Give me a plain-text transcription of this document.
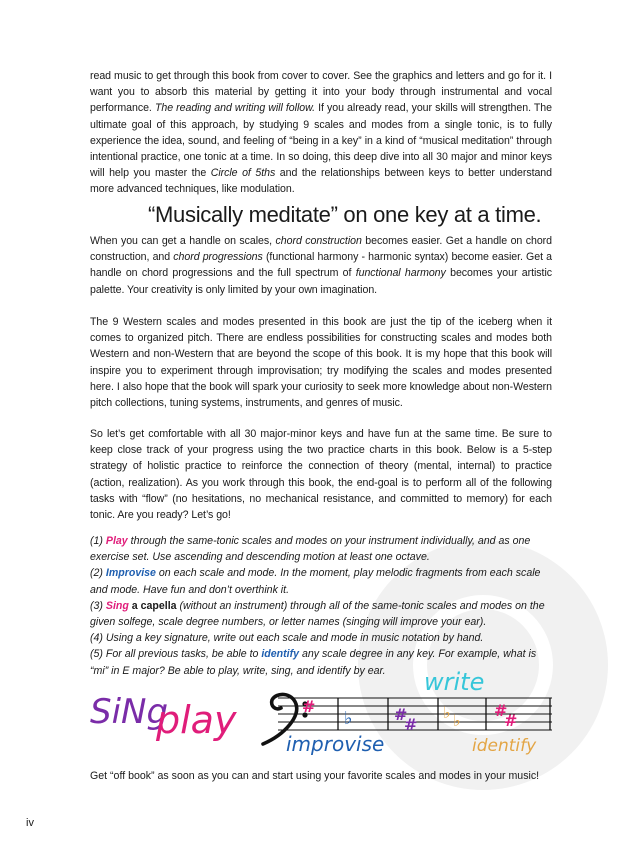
read music to get through this book from cover to cover. See the graphics and letters and go for it. I want you to absorb this material by getting it into your body through instrumental and vocal performance. The reading and writing will follow. If you already read, your skills will strengthen. The ultimate goal of this approach, by studying 9 scales and modes from a single tonic, is to fully experience the idea, sound, and feeling of “being in a key” in a kind of “musical meditation” through intentional practice, one tonic at a time. In so doing, this deep dive into all 30 major and minor keys will help you master the Circle of 5ths and the relationships between keys to better understand more advanced techniques, like modulation.

“Musically meditate” on one key at a time.

When you can get a handle on scales, chord construction becomes easier. Get a handle on chord construction, and chord progressions (functional harmony - harmonic syntax) become easier. Get a handle on chord progressions and the full spectrum of functional harmony becomes your artistic palette. Your creativity is only limited by your own imagination.

The 9 Western scales and modes presented in this book are just the tip of the iceberg when it comes to organized pitch. There are endless possibilities for constructing scales and modes both Western and non-Western that are beyond the scope of this book. It is my hope that this book will inspire you to experiment through improvisation; try modifying the scales and modes presented here. I also hope that the book will spark your curiosity to seek more knowledge about non-Western pitch collections, tuning systems, instruments, and genres of music.

So let’s get comfortable with all 30 major-minor keys and have fun at the same time. Be sure to keep close track of your progress using the two practice charts in this book. Below is a 5-step strategy of holistic practice to reinforce the connection of theory (mental, internal) to practice (action, realization). As you work through this book, the end-goal is to perform all of the following tasks with “flow” (no hesitations, no mechanical resistance, and committed to memory) for each tonic. Are you ready? Let’s go!

(1) Play through the same-tonic scales and modes on your instrument individually, and as one exercise set. Use ascending and descending motion at least one octave.
(2) Improvise on each scale and mode. In the moment, play melodic fragments from each scale and mode. Have fun and don’t overthink it.
(3) Sing a capella (without an instrument) through all of the same-tonic scales and modes on the given solfege, scale degree numbers, or letter names (singing will improve your ear).
(4) Using a key signature, write out each scale and mode in music notation by hand.
(5) For all previous tasks, be able to identify any scale degree in any key. For example, what is “mi” in E major? Be able to play, write, sing, and identify by ear.
#
♭	#
#
♭ ♭
#
#

SiNg

play

improvise

write

identify

Get “off book” as soon as you can and start using your favorite scales and modes in your music!

iv
